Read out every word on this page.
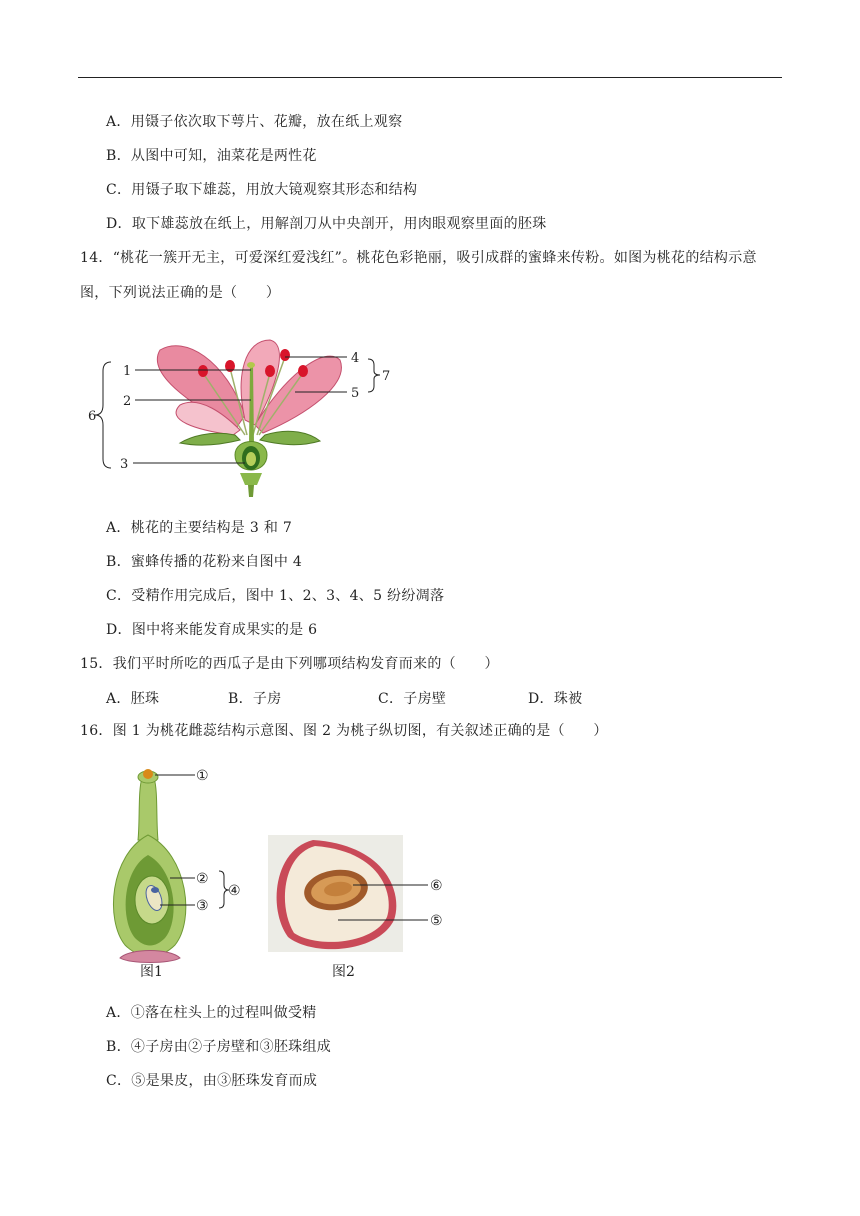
A．用镊子依次取下萼片、花瓣，放在纸上观察
B．从图中可知，油菜花是两性花
C．用镊子取下雄蕊，用放大镜观察其形态和结构
D．取下雄蕊放在纸上，用解剖刀从中央剖开，用肉眼观察里面的胚珠
14．“桃花一簇开无主，可爱深红爱浅红”。桃花色彩艳丽，吸引成群的蜜蜂来传粉。如图为桃花的结构示意
图，下列说法正确的是（　　）
1
2
3
4
5
6
7
A．桃花的主要结构是 3 和 7
B．蜜蜂传播的花粉来自图中 4
C．受精作用完成后，图中 1、2、3、4、5 纷纷凋落
D．图中将来能发育成果实的是 6
15．我们平时所吃的西瓜子是由下列哪项结构发育而来的（　　）
A．胚珠	B．子房	C．子房壁	D．珠被
16．图 1 为桃花雌蕊结构示意图、图 2 为桃子纵切图，有关叙述正确的是（　　）
①
②
③
④
图1
⑥
⑤
图2
A．①落在柱头上的过程叫做受精
B．④子房由②子房壁和③胚珠组成
C．⑤是果皮，由③胚珠发育而成
